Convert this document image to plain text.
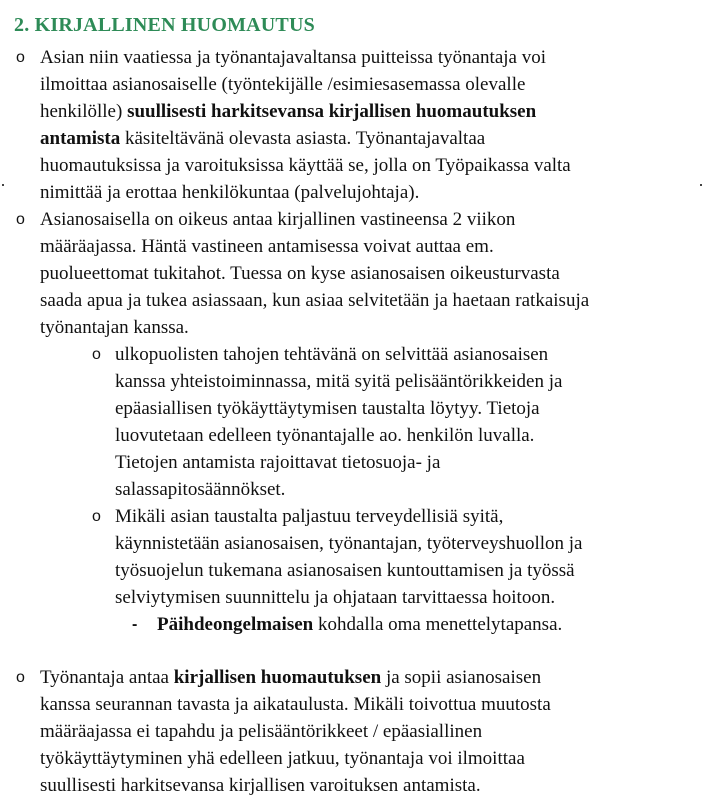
2. KIRJALLINEN HUOMAUTUS
o Asian niin vaatiessa ja työnantajavaltansa puitteissa työnantaja voi
ilmoittaa asianosaiselle (työntekijälle /esimiesasemassa olevalle
henkilölle) suullisesti harkitsevansa kirjallisen huomautuksen
antamista käsiteltävänä olevasta asiasta. Työnantajavaltaa
huomautuksissa ja varoituksissa käyttää se, jolla on Työpaikassa valta
nimittää ja erottaa henkilökuntaa (palvelujohtaja).
o Asianosaisella on oikeus antaa kirjallinen vastineensa 2 viikon
määräajassa. Häntä vastineen antamisessa voivat auttaa em.
puolueettomat tukitahot. Tuessa on kyse asianosaisen oikeusturvasta
saada apua ja tukea asiassaan, kun asiaa selvitetään ja haetaan ratkaisuja
työnantajan kanssa.
o ulkopuolisten tahojen tehtävänä on selvittää asianosaisen
kanssa yhteistoiminnassa, mitä syitä pelisääntörikkeiden ja
epäasiallisen työkäyttäytymisen taustalta löytyy. Tietoja
luovutetaan edelleen työnantajalle ao. henkilön luvalla.
Tietojen antamista rajoittavat tietosuoja- ja
salassapitosäännökset.
o Mikäli asian taustalta paljastuu terveydellisiä syitä,
käynnistetään asianosaisen, työnantajan, työterveyshuollon ja
työsuojelun tukemana asianosaisen kuntouttamisen ja työssä
selviytymisen suunnittelu ja ohjataan tarvittaessa hoitoon.
- Päihdeongelmaisen kohdalla oma menettelytapansa.
o Työnantaja antaa kirjallisen huomautuksen ja sopii asianosaisen
kanssa seurannan tavasta ja aikataulusta. Mikäli toivottua muutosta
määräajassa ei tapahdu ja pelisääntörikkeet / epäasiallinen
työkäyttäytyminen yhä edelleen jatkuu, työnantaja voi ilmoittaa
suullisesti harkitsevansa kirjallisen varoituksen antamista.
